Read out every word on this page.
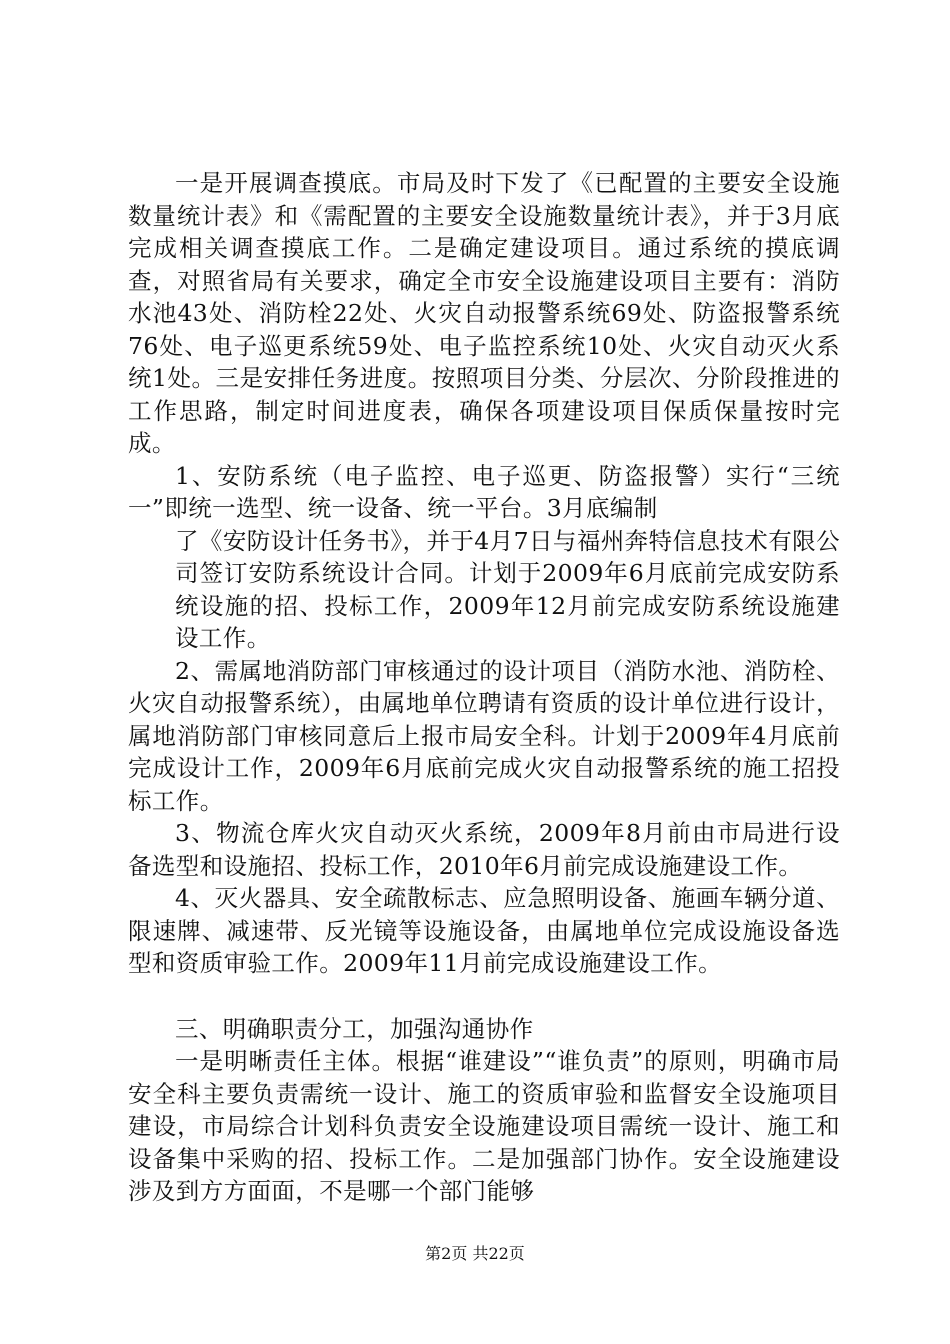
一是开展调查摸底。市局及时下发了《已配置的主要安全设施数量统计表》和《需配置的主要安全设施数量统计表》，并于3月底完成相关调查摸底工作。二是确定建设项目。通过系统的摸底调查，对照省局有关要求，确定全市安全设施建设项目主要有：消防水池43处、消防栓22处、火灾自动报警系统69处、防盗报警系统76处、电子巡更系统59处、电子监控系统10处、火灾自动灭火系统1处。三是安排任务进度。按照项目分类、分层次、分阶段推进的工作思路，制定时间进度表，确保各项建设项目保质保量按时完成。

1、安防系统（电子监控、电子巡更、防盗报警）实行“三统一”即统一选型、统一设备、统一平台。3月底编制

了《安防设计任务书》，并于4月7日与福州奔特信息技术有限公司签订安防系统设计合同。计划于2009年6月底前完成安防系统设施的招、投标工作，2009年12月前完成安防系统设施建设工作。

2、需属地消防部门审核通过的设计项目（消防水池、消防栓、火灾自动报警系统），由属地单位聘请有资质的设计单位进行设计，属地消防部门审核同意后上报市局安全科。计划于2009年4月底前完成设计工作，2009年6月底前完成火灾自动报警系统的施工招投标工作。

3、物流仓库火灾自动灭火系统，2009年8月前由市局进行设备选型和设施招、投标工作，2010年6月前完成设施建设工作。

4、灭火器具、安全疏散标志、应急照明设备、施画车辆分道、限速牌、减速带、反光镜等设施设备，由属地单位完成设施设备选型和资质审验工作。2009年11月前完成设施建设工作。

三、明确职责分工，加强沟通协作

一是明晰责任主体。根据“谁建设”“谁负责”的原则，明确市局安全科主要负责需统一设计、施工的资质审验和监督安全设施项目建设，市局综合计划科负责安全设施建设项目需统一设计、施工和设备集中采购的招、投标工作。二是加强部门协作。安全设施建设涉及到方方面面，不是哪一个部门能够

第2页 共22页
